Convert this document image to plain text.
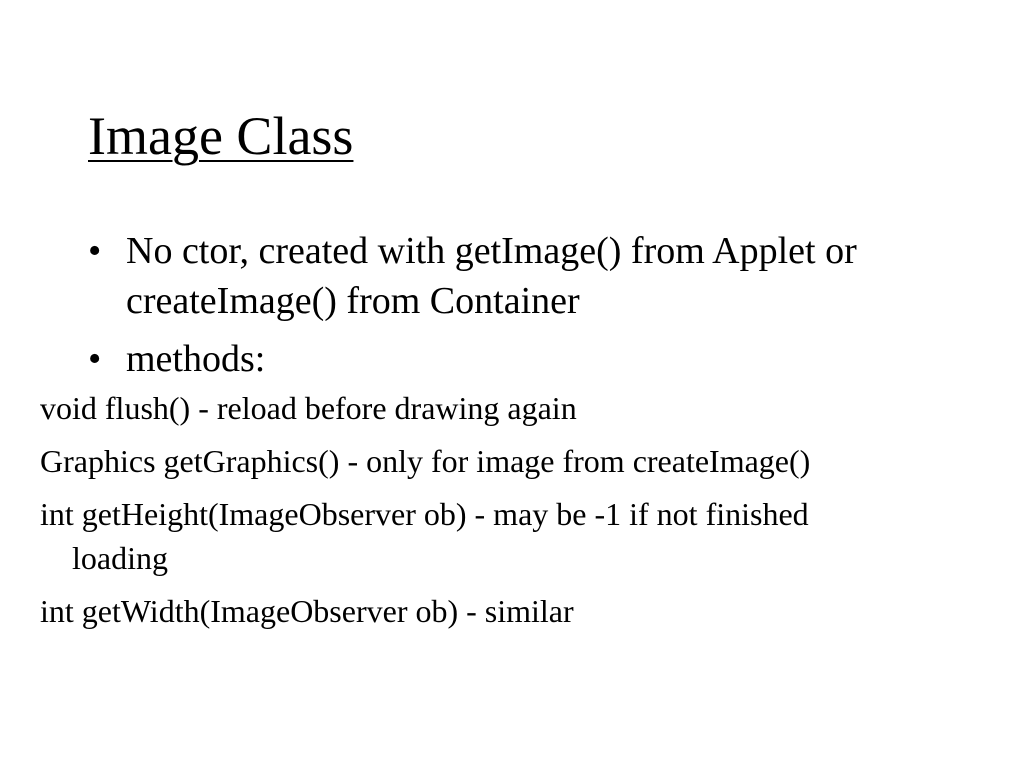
Image Class
• No ctor, created with getImage() from Applet or createImage() from Container
• methods:
void flush() - reload before drawing again
Graphics getGraphics() - only for image from createImage()
int getHeight(ImageObserver ob) - may be -1 if not finished loading
int getWidth(ImageObserver ob) - similar
